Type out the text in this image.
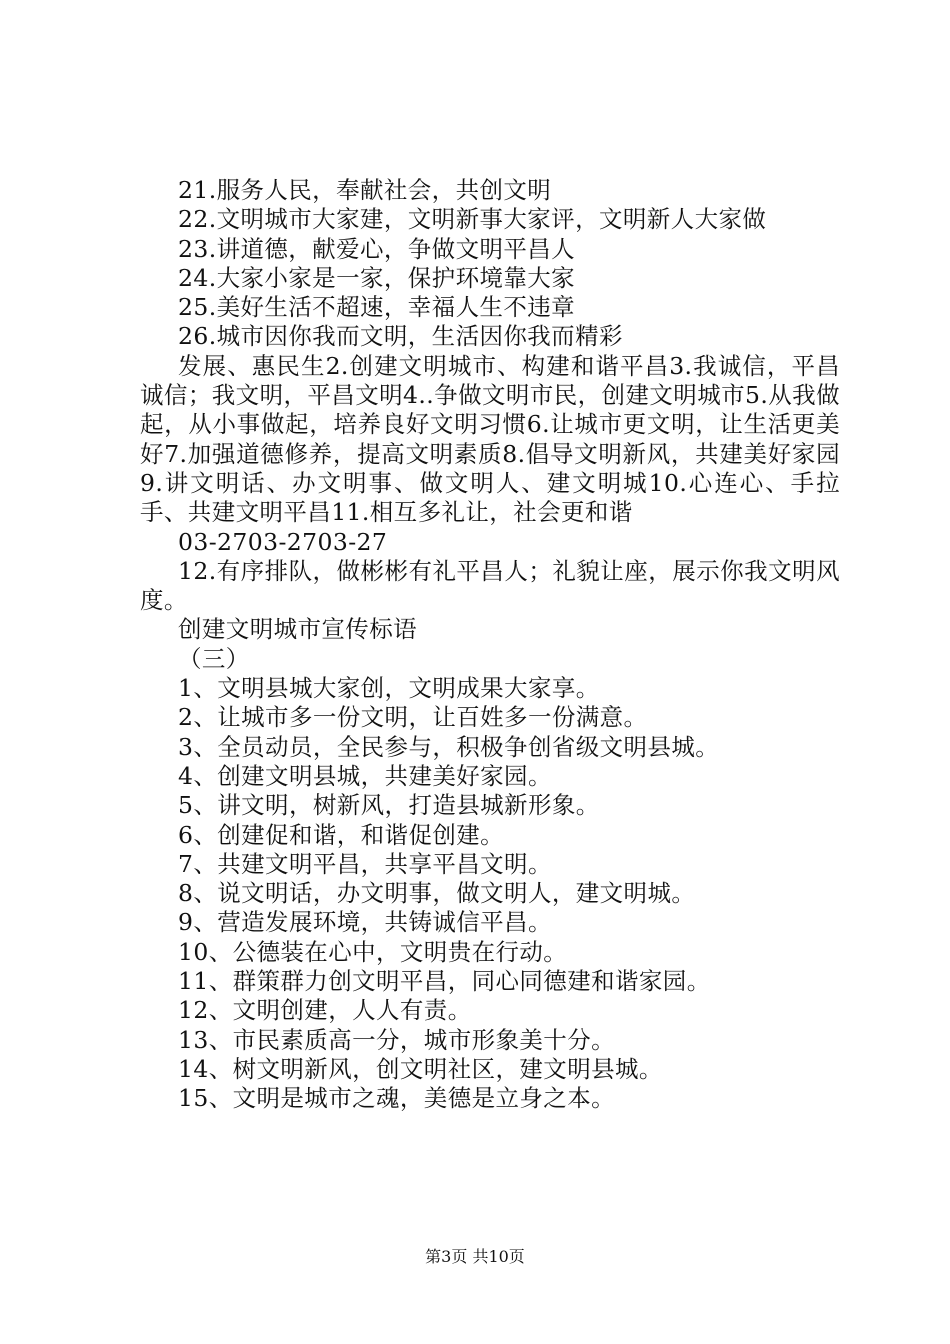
21.服务人民，奉献社会，共创文明

22.文明城市大家建，文明新事大家评，文明新人大家做

23.讲道德，献爱心，争做文明平昌人

24.大家小家是一家，保护环境靠大家

25.美好生活不超速，幸福人生不违章

26.城市因你我而文明，生活因你我而精彩

发展、惠民生2.创建文明城市、构建和谐平昌3.我诚信，平昌诚信；我文明，平昌文明4..争做文明市民，创建文明城市5.从我做起，从小事做起，培养良好文明习惯6.让城市更文明，让生活更美好7.加强道德修养，提高文明素质8.倡导文明新风，共建美好家园9.讲文明话、办文明事、做文明人、建文明城10.心连心、手拉手、共建文明平昌11.相互多礼让，社会更和谐

03-2703-2703-27

12.有序排队，做彬彬有礼平昌人；礼貌让座，展示你我文明风度。

创建文明城市宣传标语

（三）

1、文明县城大家创，文明成果大家享。

2、让城市多一份文明，让百姓多一份满意。

3、全员动员，全民参与，积极争创省级文明县城。

4、创建文明县城，共建美好家园。

5、讲文明，树新风，打造县城新形象。

6、创建促和谐，和谐促创建。

7、共建文明平昌，共享平昌文明。

8、说文明话，办文明事，做文明人，建文明城。

9、营造发展环境，共铸诚信平昌。

10、公德装在心中，文明贵在行动。

11、群策群力创文明平昌，同心同德建和谐家园。

12、文明创建，人人有责。

13、市民素质高一分，城市形象美十分。

14、树文明新风，创文明社区，建文明县城。

15、文明是城市之魂，美德是立身之本。

第3页 共10页
